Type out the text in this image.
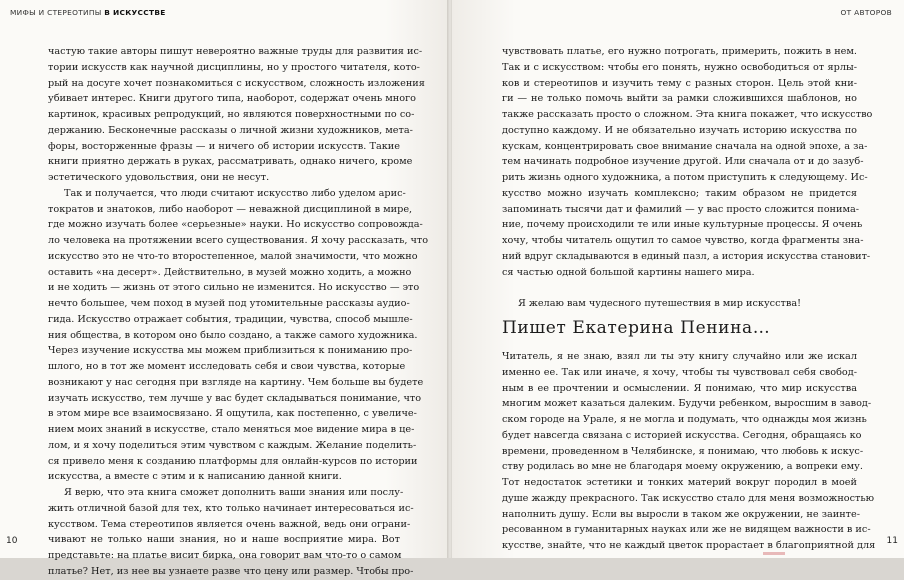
МИФЫ И СТЕРЕОТИПЫ В ИСКУССТВЕ
частую такие авторы пишут невероятно важные труды для развития ис-
тории искусств как научной дисциплины, но у простого читателя, кото-
рый на досуге хочет познакомиться с искусством, сложность изложения
убивает интерес. Книги другого типа, наоборот, содержат очень много
картинок, красивых репродукций, но являются поверхностными по со-
держанию. Бесконечные рассказы о личной жизни художников, мета-
форы, восторженные фразы — и ничего об истории искусств. Такие
книги приятно держать в руках, рассматривать, однако ничего, кроме
эстетического удовольствия, они не несут.
Так и получается, что люди считают искусство либо уделом арис-
тократов и знатоков, либо наоборот — неважной дисциплиной в мире,
где можно изучать более «серьезные» науки. Но искусство сопровожда-
ло человека на протяжении всего существования. Я хочу рассказать, что
искусство это не что-то второстепенное, малой значимости, что можно
оставить «на десерт». Действительно, в музей можно ходить, а можно
и не ходить — жизнь от этого сильно не изменится. Но искусство — это
нечто большее, чем поход в музей под утомительные рассказы аудио-
гида. Искусство отражает события, традиции, чувства, способ мышле-
ния общества, в котором оно было создано, а также самого художника.
Через изучение искусства мы можем приблизиться к пониманию про-
шлого, но в тот же момент исследовать себя и свои чувства, которые
возникают у нас сегодня при взгляде на картину. Чем больше вы будете
изучать искусство, тем лучше у вас будет складываться понимание, что
в этом мире все взаимосвязано. Я ощутила, как постепенно, с увеличе-
нием моих знаний в искусстве, стало меняться мое видение мира в це-
лом, и я хочу поделиться этим чувством с каждым. Желание поделить-
ся привело меня к созданию платформы для онлайн-курсов по истории
искусства, а вместе с этим и к написанию данной книги.
Я верю, что эта книга сможет дополнить ваши знания или послу-
жить отличной базой для тех, кто только начинает интересоваться ис-
кусством. Тема стереотипов является очень важной, ведь они ограни-
чивают не только наши знания, но и наше восприятие мира. Вот
представьте: на платье висит бирка, она говорит вам что-то о самом
платье? Нет, из нее вы узнаете разве что цену или размер. Чтобы про-
10
ОТ АВТОРОВ
чувствовать платье, его нужно потрогать, примерить, пожить в нем.
Так и с искусством: чтобы его понять, нужно освободиться от ярлы-
ков и стереотипов и изучить тему с разных сторон. Цель этой кни-
ги — не только помочь выйти за рамки сложившихся шаблонов, но
также рассказать просто о сложном. Эта книга покажет, что искусство
доступно каждому. И не обязательно изучать историю искусства по
кускам, концентрировать свое внимание сначала на одной эпохе, а за-
тем начинать подробное изучение другой. Или сначала от и до зазуб-
рить жизнь одного художника, а потом приступить к следующему. Ис-
кусство можно изучать комплексно; таким образом не придется
запоминать тысячи дат и фамилий — у вас просто сложится понима-
ние, почему происходили те или иные культурные процессы. Я очень
хочу, чтобы читатель ощутил то самое чувство, когда фрагменты зна-
ний вдруг складываются в единый пазл, а история искусства становит-
ся частью одной большой картины нашего мира.
Я желаю вам чудесного путешествия в мир искусства!
Пишет Екатерина Пенина…
Читатель, я не знаю, взял ли ты эту книгу случайно или же искал
именно ее. Так или иначе, я хочу, чтобы ты чувствовал себя свобод-
ным в ее прочтении и осмыслении. Я понимаю, что мир искусства
многим может казаться далеким. Будучи ребенком, выросшим в завод-
ском городе на Урале, я не могла и подумать, что однажды моя жизнь
будет навсегда связана с историей искусства. Сегодня, обращаясь ко
времени, проведенном в Челябинске, я понимаю, что любовь к искус-
ству родилась во мне не благодаря моему окружению, а вопреки ему.
Тот недостаток эстетики и тонких материй вокруг породил в моей
душе жажду прекрасного. Так искусство стало для меня возможностью
наполнить душу. Если вы выросли в таком же окружении, не заинте-
ресованном в гуманитарных науках или же не видящем важности в ис-
кусстве, знайте, что не каждый цветок прорастает в благоприятной для 11
